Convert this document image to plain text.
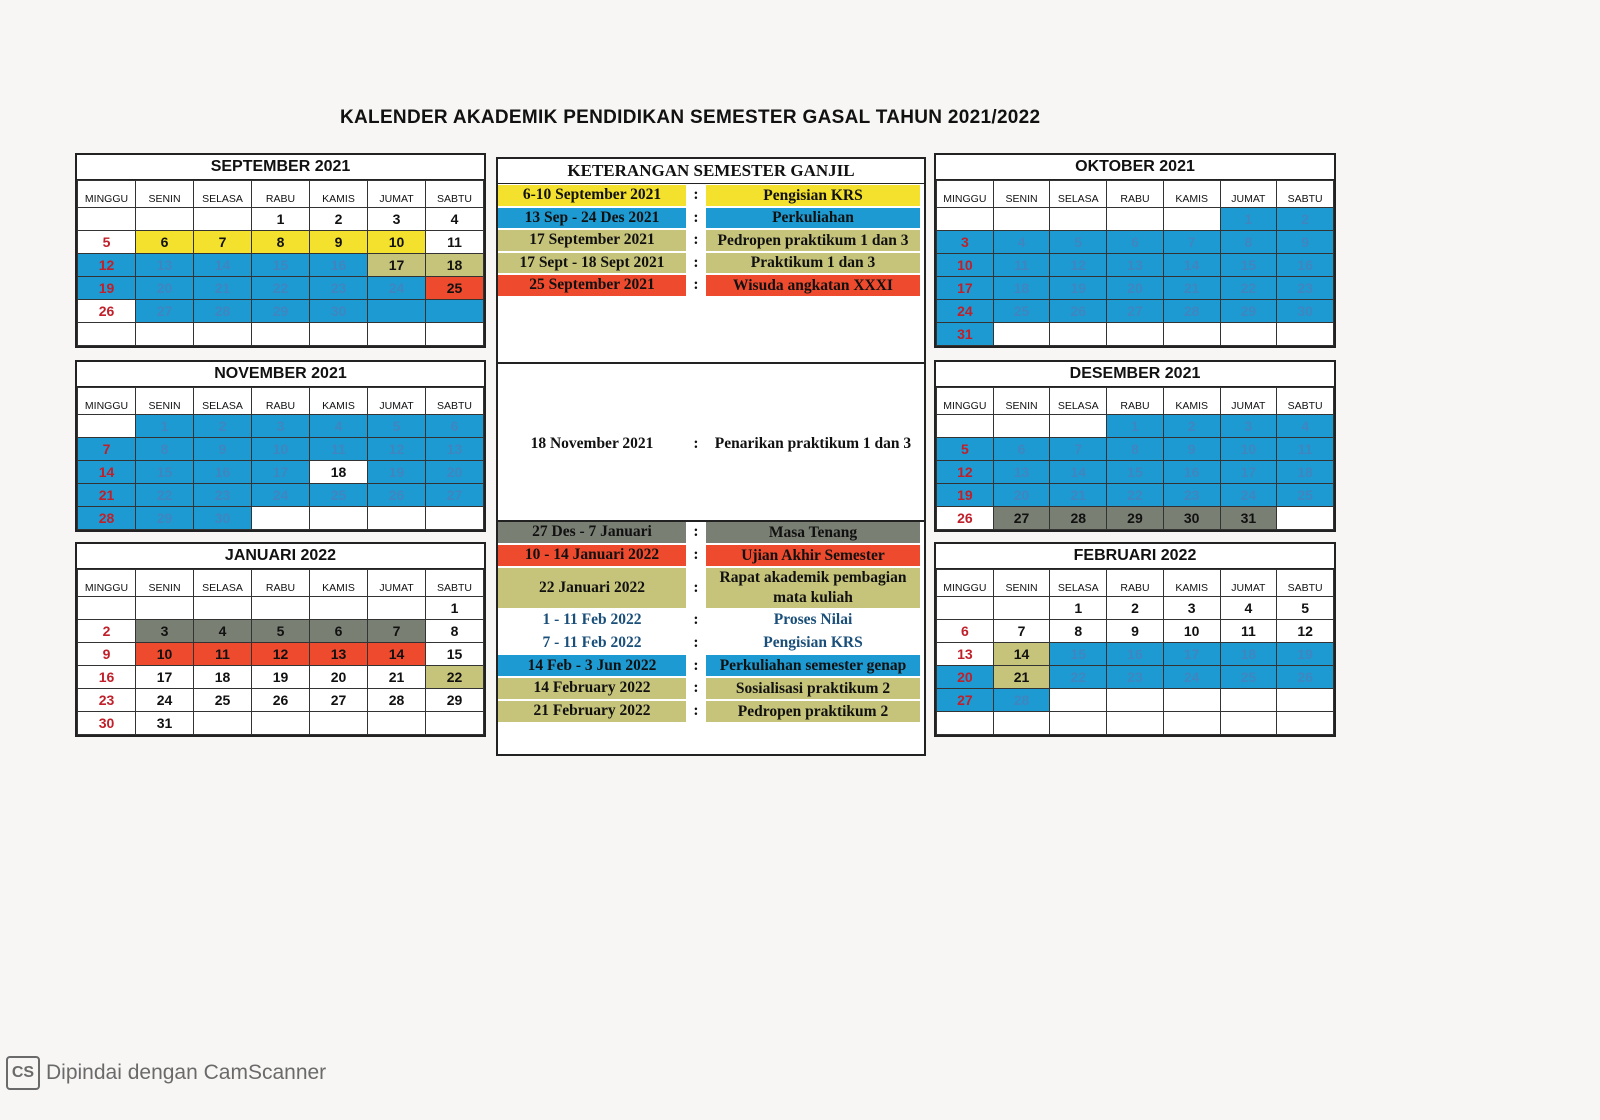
KALENDER AKADEMIK PENDIDIKAN SEMESTER GASAL TAHUN 2021/2022
SEPTEMBER 2021
MINGGU	SENIN	SELASA	RABU	KAMIS	JUMAT	SABTU
			1	2	3	4
5	6	7	8	9	10	11
12	13	14	15	16	17	18
19	20	21	22	23	24	25
26	27	28	29	30		

OKTOBER 2021
MINGGU	SENIN	SELASA	RABU	KAMIS	JUMAT	SABTU
					1	2
3	4	5	6	7	8	9
10	11	12	13	14	15	16
17	18	19	20	21	22	23
24	25	26	27	28	29	30
31						
NOVEMBER 2021
MINGGU	SENIN	SELASA	RABU	KAMIS	JUMAT	SABTU
	1	2	3	4	5	6
7	8	9	10	11	12	13
14	15	16	17	18	19	20
21	22	23	24	25	26	27
28	29	30				
DESEMBER 2021
MINGGU	SENIN	SELASA	RABU	KAMIS	JUMAT	SABTU
			1	2	3	4
5	6	7	8	9	10	11
12	13	14	15	16	17	18
19	20	21	22	23	24	25
26	27	28	29	30	31	
JANUARI 2022
MINGGU	SENIN	SELASA	RABU	KAMIS	JUMAT	SABTU
						1
2	3	4	5	6	7	8
9	10	11	12	13	14	15
16	17	18	19	20	21	22
23	24	25	26	27	28	29
30	31					
FEBRUARI 2022
MINGGU	SENIN	SELASA	RABU	KAMIS	JUMAT	SABTU
		1	2	3	4	5
6	7	8	9	10	11	12
13	14	15	16	17	18	19
20	21	22	23	24	25	26
27	28					

KETERANGAN SEMESTER GANJIL
6-10 September 2021	:	Pengisian KRS
13 Sep - 24 Des 2021	:	Perkuliahan
17 September 2021	:	Pedropen praktikum 1 dan 3
17 Sept - 18 Sept 2021	:	Praktikum 1 dan 3
25 September 2021	:	Wisuda angkatan XXXI
18 November 2021	:	Penarikan praktikum 1 dan 3
27 Des - 7 Januari	:	Masa Tenang
10 - 14 Januari 2022	:	Ujian Akhir Semester
22 Januari 2022	:
Rapat akademik pembagian mata kuliah
1 - 11 Feb 2022	:	Proses Nilai
7 - 11 Feb 2022	:	Pengisian KRS
14 Feb - 3 Jun 2022	:	Perkuliahan semester genap
14 February 2022	:	Sosialisasi praktikum 2
21 February 2022	:	Pedropen praktikum 2
CS Dipindai dengan CamScanner
